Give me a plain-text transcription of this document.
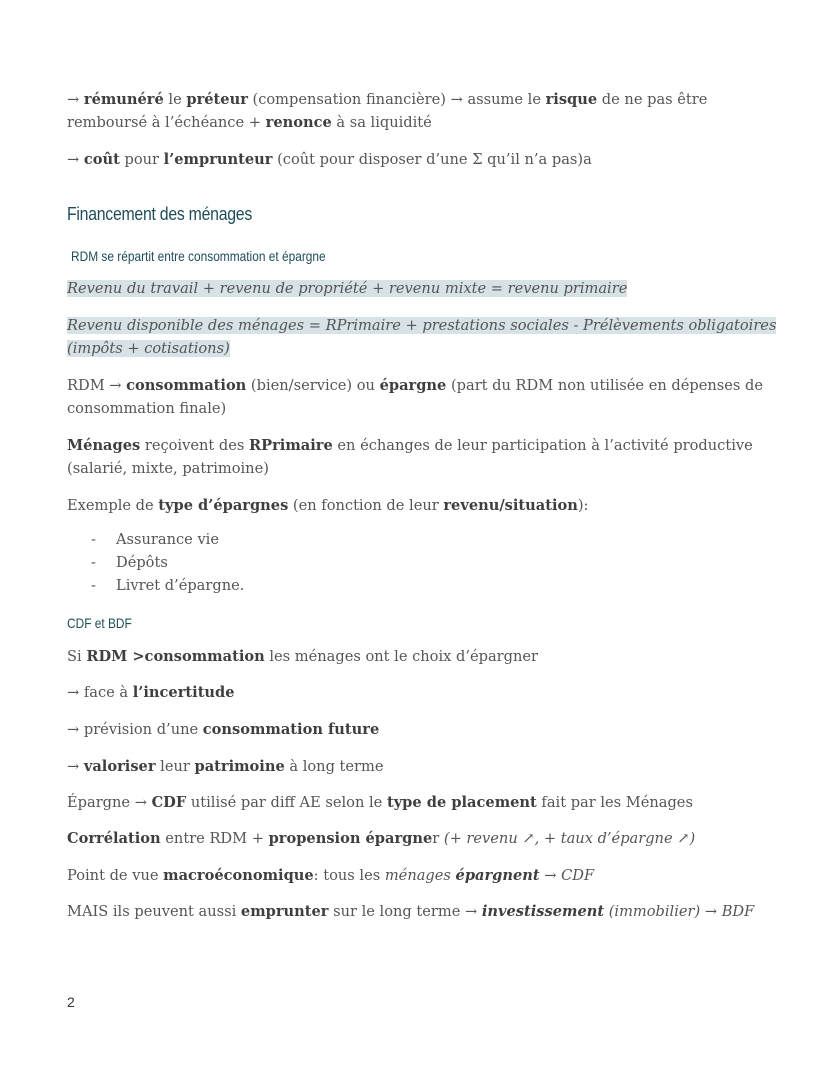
→ rémunéré le préteur (compensation financière) → assume le risque de ne pas être
remboursé à l’échéance + renonce à sa liquidité
→ coût pour l’emprunteur (coût pour disposer d’une Σ qu’il n’a pas)a
Financement des ménages
RDM se répartit entre consommation et épargne
Revenu du travail + revenu de propriété + revenu mixte = revenu primaire
Revenu disponible des ménages = RPrimaire + prestations sociales - Prélèvements obligatoires
(impôts + cotisations)
RDM → consommation (bien/service) ou épargne (part du RDM non utilisée en dépenses de
consommation finale)
Ménages reçoivent des RPrimaire en échanges de leur participation à l’activité productive
(salarié, mixte, patrimoine)
Exemple de type d’épargnes (en fonction de leur revenu/situation):
- Assurance vie
- Dépôts
- Livret d’épargne.
CDF et BDF
Si RDM >consommation les ménages ont le choix d’épargner
→ face à l’incertitude
→ prévision d’une consommation future
→ valoriser leur patrimoine à long terme
Épargne → CDF utilisé par diff AE selon le type de placement fait par les Ménages
Corrélation entre RDM + propension épargner (+ revenu ↗, + taux d’épargne ↗)
Point de vue macroéconomique: tous les ménages épargnent → CDF
MAIS ils peuvent aussi emprunter sur le long terme → investissement (immobilier) → BDF
2
